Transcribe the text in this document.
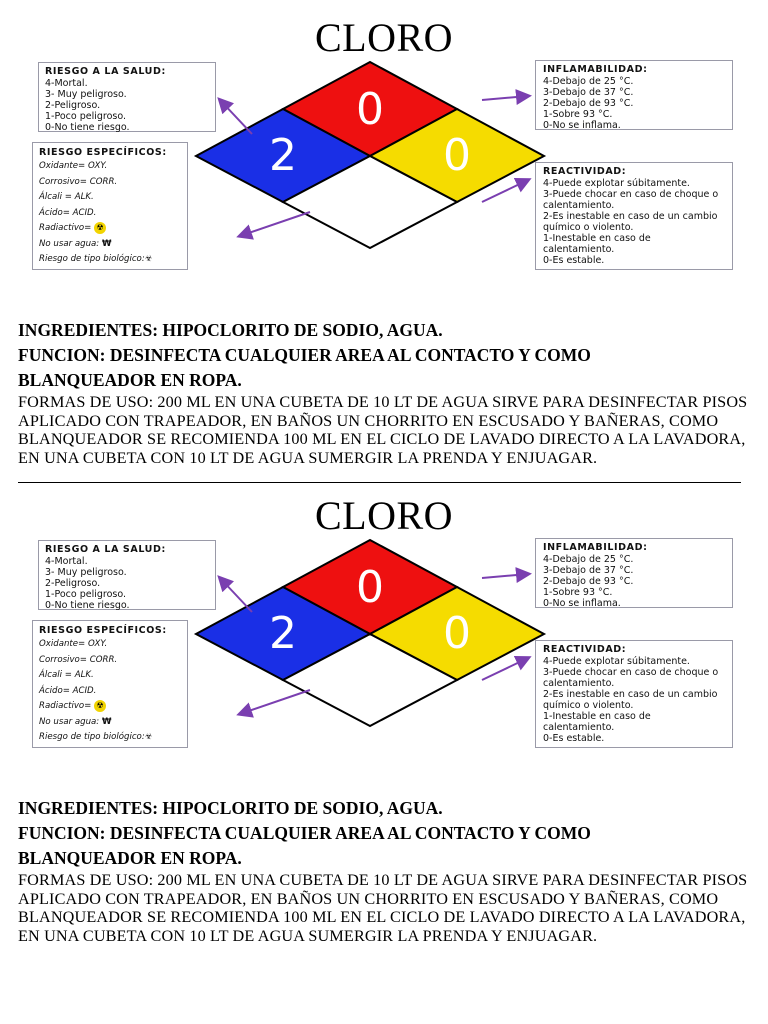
CLORO
0
2	0
RIESGO A LA SALUD:
4-Mortal.
3- Muy peligroso.
2-Peligroso.
1-Poco peligroso.
0-No tiene riesgo.
RIESGO ESPECÍFICOS:
Oxidante= OXY.
Corrosivo= CORR.
Álcali = ALK.
Ácido= ACID.
Radiactivo= ☢
No usar agua: ₩
Riesgo de tipo biológico:☣
INFLAMABILIDAD:
4-Debajo de 25 °C.
3-Debajo de 37 °C.
2-Debajo de 93 °C.
1-Sobre 93 °C.
0-No se inflama.
REACTIVIDAD:
4-Puede explotar súbitamente.
3-Puede chocar en caso de choque o calentamiento.
2-Es inestable en caso de un cambio químico o violento.
1-Inestable en caso de calentamiento.
0-Es estable.
INGREDIENTES: HIPOCLORITO DE SODIO, AGUA.
FUNCION: DESINFECTA CUALQUIER AREA AL CONTACTO Y COMO
BLANQUEADOR EN ROPA.
FORMAS DE USO: 200 ML EN UNA CUBETA DE 10 LT DE AGUA SIRVE PARA DESINFECTAR PISOS
APLICADO CON TRAPEADOR, EN BAÑOS UN CHORRITO EN ESCUSADO Y BAÑERAS, COMO
BLANQUEADOR SE RECOMIENDA 100 ML EN EL CICLO DE LAVADO DIRECTO A LA LAVADORA,
EN UNA CUBETA CON 10 LT DE AGUA SUMERGIR LA PRENDA Y ENJUAGAR.
CLORO
0
2	0
RIESGO A LA SALUD:
4-Mortal.
3- Muy peligroso.
2-Peligroso.
1-Poco peligroso.
0-No tiene riesgo.
RIESGO ESPECÍFICOS:
Oxidante= OXY.
Corrosivo= CORR.
Álcali = ALK.
Ácido= ACID.
Radiactivo= ☢
No usar agua: ₩
Riesgo de tipo biológico:☣
INFLAMABILIDAD:
4-Debajo de 25 °C.
3-Debajo de 37 °C.
2-Debajo de 93 °C.
1-Sobre 93 °C.
0-No se inflama.
REACTIVIDAD:
4-Puede explotar súbitamente.
3-Puede chocar en caso de choque o calentamiento.
2-Es inestable en caso de un cambio químico o violento.
1-Inestable en caso de calentamiento.
0-Es estable.
INGREDIENTES: HIPOCLORITO DE SODIO, AGUA.
FUNCION: DESINFECTA CUALQUIER AREA AL CONTACTO Y COMO
BLANQUEADOR EN ROPA.
FORMAS DE USO: 200 ML EN UNA CUBETA DE 10 LT DE AGUA SIRVE PARA DESINFECTAR PISOS
APLICADO CON TRAPEADOR, EN BAÑOS UN CHORRITO EN ESCUSADO Y BAÑERAS, COMO
BLANQUEADOR SE RECOMIENDA 100 ML EN EL CICLO DE LAVADO DIRECTO A LA LAVADORA,
EN UNA CUBETA CON 10 LT DE AGUA SUMERGIR LA PRENDA Y ENJUAGAR.
